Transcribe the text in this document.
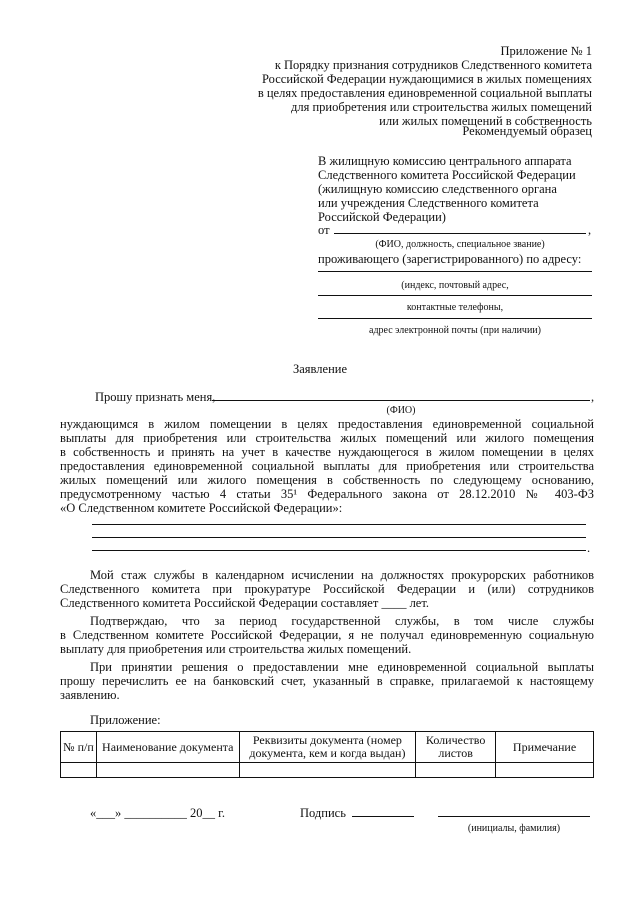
Приложение № 1
к Порядку признания сотрудников Следственного комитета
Российской Федерации нуждающимися в жилых помещениях
в целях предоставления единовременной социальной выплаты
для приобретения или строительства жилых помещений
или жилых помещений в собственность
Рекомендуемый образец
В жилищную комиссию центрального аппарата
Следственного комитета Российской Федерации
(жилищную комиссию следственного органа
или учреждения Следственного комитета
Российской Федерации)
от	,
(ФИО, должность, специальное звание)
проживающего (зарегистрированного) по адресу:
(индекс, почтовый адрес,
контактные телефоны,
адрес электронной почты (при наличии)
Заявление
Прошу признать меня,	,
(ФИО)
нуждающимся в жилом помещении в целях предоставления единовременной социальной
выплаты для приобретения или строительства жилых помещений или жилого помещения
в собственность и принять на учет в качестве нуждающегося в жилом помещении в целях
предоставления единовременной социальной выплаты для приобретения или строительства
жилых помещений или жилого помещения в собственность по следующему основанию,
предусмотренному частью 4 статьи 35¹ Федерального закона от 28.12.2010 № 403-ФЗ
«О Следственном комитете Российской Федерации»:
.
Мой стаж службы в календарном исчислении на должностях прокурорских работников
Следственного комитета при прокуратуре Российской Федерации и (или) сотрудников
Следственного комитета Российской Федерации составляет ____ лет.
Подтверждаю, что за период государственной службы, в том числе службы
в Следственном комитете Российской Федерации, я не получал единовременную социальную
выплату для приобретения или строительства жилых помещений.
При принятии решения о предоставлении мне единовременной социальной выплаты
прошу перечислить ее на банковский счет, указанный в справке, прилагаемой к настоящему
заявлению.
Приложение:
№ п/п	Наименование документа	Реквизиты документа (номер документа, кем и когда выдан)	Количество листов	Примечание

«___» __________ 20__ г.	Подпись
(инициалы, фамилия)
